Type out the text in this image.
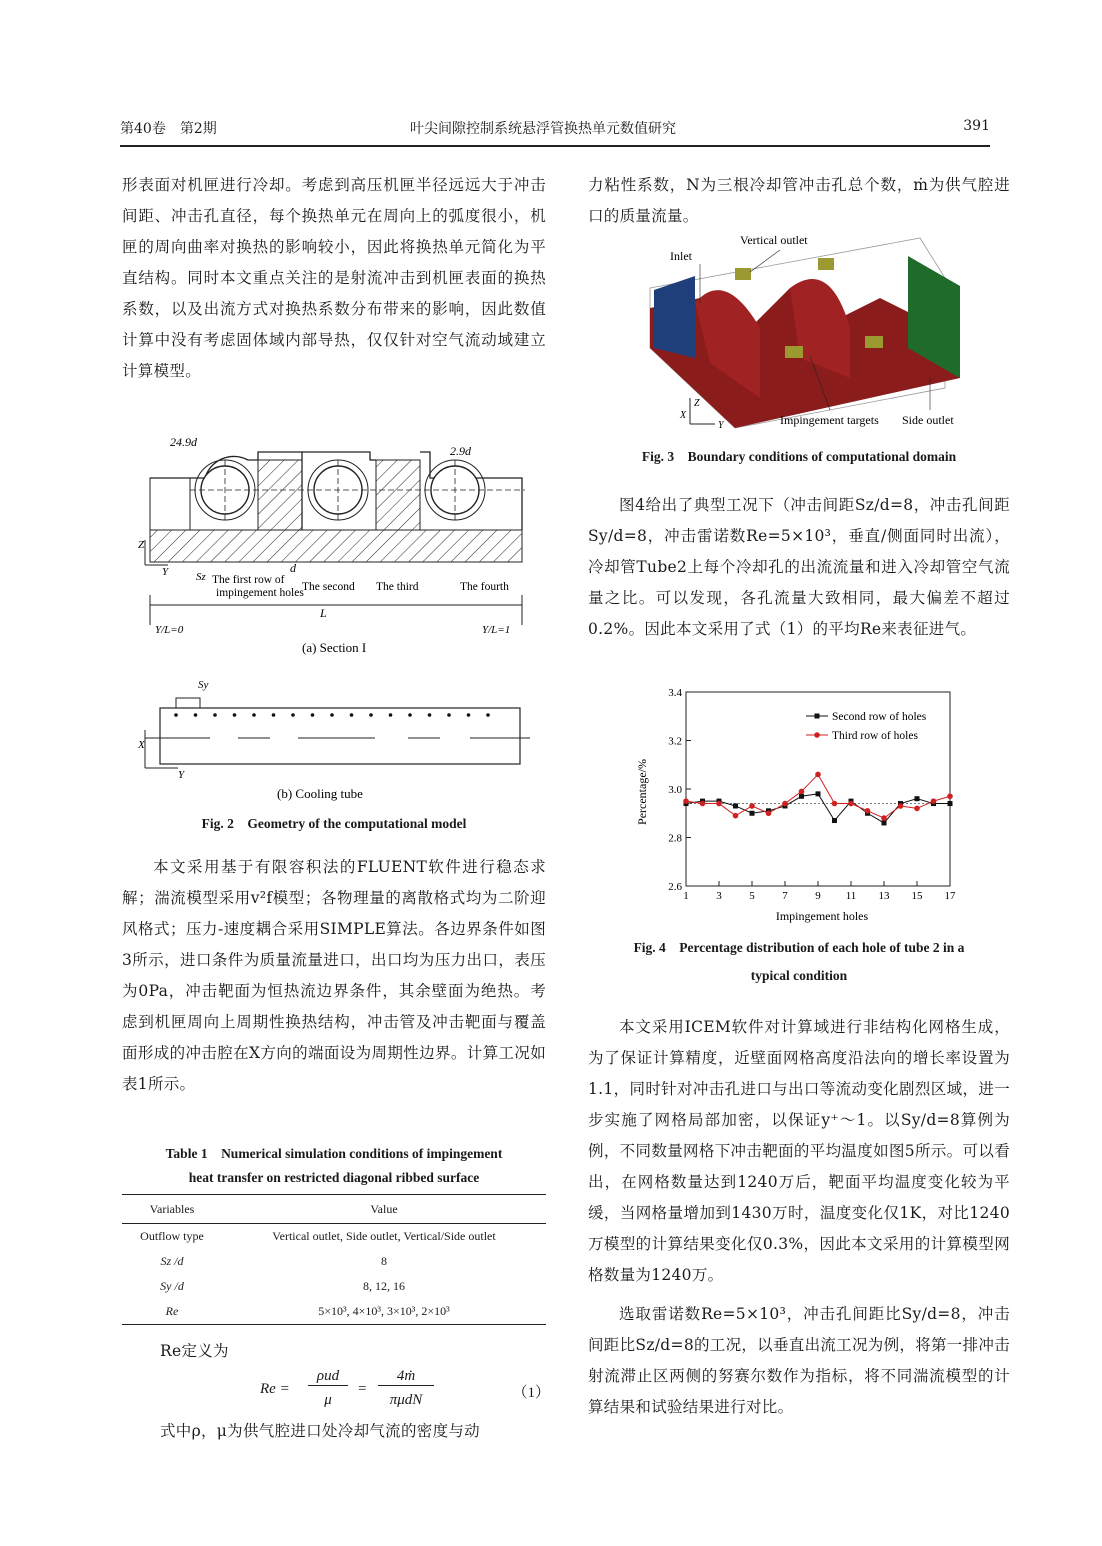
第40卷　第2期	叶尖间隙控制系统悬浮管换热单元数值研究	391

形表面对机匣进行冷却。考虑到高压机匣半径远远大于冲击间距、冲击孔直径，每个换热单元在周向上的弧度很小，机匣的周向曲率对换热的影响较小，因此将换热单元简化为平直结构。同时本文重点关注的是射流冲击到机匣表面的换热系数，以及出流方式对换热系数分布带来的影响，因此数值计算中没有考虑固体域内部导热，仅仅针对空气流动域建立计算模型。

24.9d
2.9d
Z
Y	Sz
d
The first row of
impingement holes
The second The third	The fourth
L
Y/L=0	Y/L=1
(a) Section I
Sy
X
Y
(b) Cooling tube
Fig. 2　Geometry of the computational model

本文采用基于有限容积法的FLUENT软件进行稳态求解；湍流模型采用v²f模型；各物理量的离散格式均为二阶迎风格式；压力-速度耦合采用SIMPLE算法。各边界条件如图3所示，进口条件为质量流量进口，出口均为压力出口，表压为0Pa，冲击靶面为恒热流边界条件，其余壁面为绝热。考虑到机匣周向上周期性换热结构，冲击管及冲击靶面与覆盖面形成的冲击腔在X方向的端面设为周期性边界。计算工况如表1所示。

Table 1　Numerical simulation conditions of impingement
heat transfer on restricted diagonal ribbed surface
Variables	Value
Outflow type	Vertical outlet, Side outlet, Vertical/Side outlet
Sz /d	8
Sy /d	8, 12, 16
Re	5×10³, 4×10³, 3×10³, 2×10³
Re定义为
Re =
ρud
μ
=
4ṁ
πμdN	（1）
式中ρ，μ为供气腔进口处冷却气流的密度与动

力粘性系数，N为三根冷却管冲击孔总个数，ṁ为供气腔进口的质量流量。

Inlet
Vertical outlet
Impingement targets Side outlet
Z
X
Y
Fig. 3　Boundary conditions of computational domain

图4给出了典型工况下（冲击间距Sz/d=8，冲击孔间距Sy/d=8，冲击雷诺数Re=5×10³，垂直/侧面同时出流），冷却管Tube2上每个冷却孔的出流流量和进入冷却管空气流量之比。可以发现，各孔流量大致相同，最大偏差不超过0.2%。因此本文采用了式（1）的平均Re来表征进气。

2.6
2.8
3.0
3.2
3.4
1	3	5	7	9 11 13 15 17
Second row of holes
Third row of holes
Impingement holes
Percentage/%
Fig. 4　Percentage distribution of each hole of tube 2 in a
typical condition

本文采用ICEM软件对计算域进行非结构化网格生成，为了保证计算精度，近壁面网格高度沿法向的增长率设置为1.1，同时针对冲击孔进口与出口等流动变化剧烈区域，进一步实施了网格局部加密，以保证y⁺～1。以Sy/d=8算例为例，不同数量网格下冲击靶面的平均温度如图5所示。可以看出，在网格数量达到1240万后，靶面平均温度变化较为平缓，当网格量增加到1430万时，温度变化仅1K，对比1240万模型的计算结果变化仅0.3%，因此本文采用的计算模型网格数量为1240万。

选取雷诺数Re=5×10³，冲击孔间距比Sy/d=8，冲击间距比Sz/d=8的工况，以垂直出流工况为例，将第一排冲击射流滞止区两侧的努赛尔数作为指标，将不同湍流模型的计算结果和试验结果进行对比。
